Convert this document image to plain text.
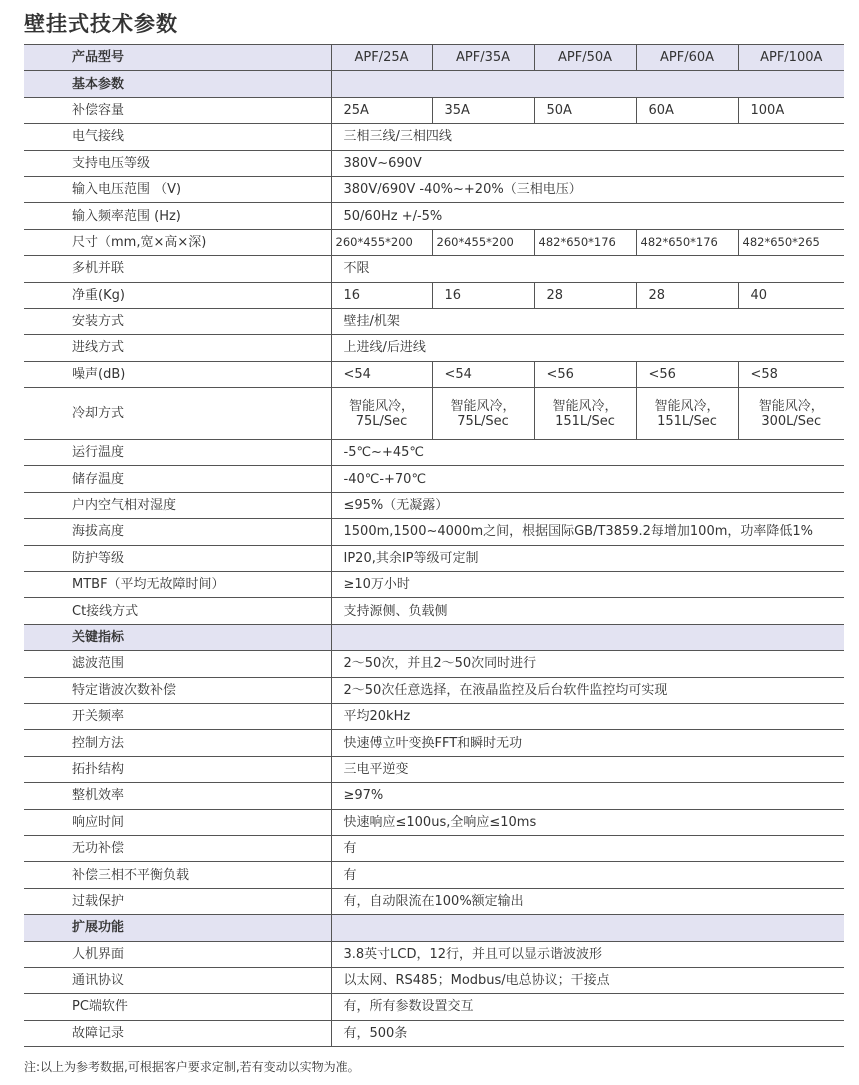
壁挂式技术参数
产品型号	APF/25A	APF/35A	APF/50A	APF/60A	APF/100A
基本参数					
补偿容量	25A	35A	50A	60A	100A
电气接线	三相三线/三相四线				
支持电压等级	380V~690V				
输入电压范围 （V)	380V/690V -40%~+20%（三相电压）				
输入频率范围 (Hz)	50/60Hz +/-5%				
尺寸（mm,宽×高×深)	260*455*200	260*455*200	482*650*176	482*650*176	482*650*265
多机并联	不限				
净重(Kg)	16	16	28	28	40
安装方式	壁挂/机架				
进线方式	上进线/后进线				
噪声(dB)	<54	<54	<56	<56	<58
冷却方式	智能风冷，75L/Sec	智能风冷，75L/Sec	智能风冷，151L/Sec	智能风冷，151L/Sec	智能风冷，300L/Sec
运行温度	-5℃~+45℃				
储存温度	-40℃-+70℃				
户内空气相对湿度	≤95%（无凝露）				
海拔高度	1500m,1500~4000m之间，根据国际GB/T3859.2每增加100m，功率降低1%				
防护等级	IP20,其余IP等级可定制				
MTBF（平均无故障时间）	≥10万小时				
Ct接线方式	支持源侧、负载侧				
关键指标					
滤波范围	2～50次，并且2～50次同时进行				
特定谐波次数补偿	2～50次任意选择，在液晶监控及后台软件监控均可实现				
开关频率	平均20kHz				
控制方法	快速傅立叶变换FFT和瞬时无功				
拓扑结构	三电平逆变				
整机效率	≥97%				
响应时间	快速响应≤100us,全响应≤10ms				
无功补偿	有				
补偿三相不平衡负载	有				
过载保护	有，自动限流在100%额定输出				
扩展功能					
人机界面	3.8英寸LCD，12行，并且可以显示谐波波形				
通讯协议	以太网、RS485；Modbus/电总协议；干接点				
PC端软件	有，所有参数设置交互				
故障记录	有，500条				
注:以上为参考数据,可根据客户要求定制,若有变动以实物为准。
